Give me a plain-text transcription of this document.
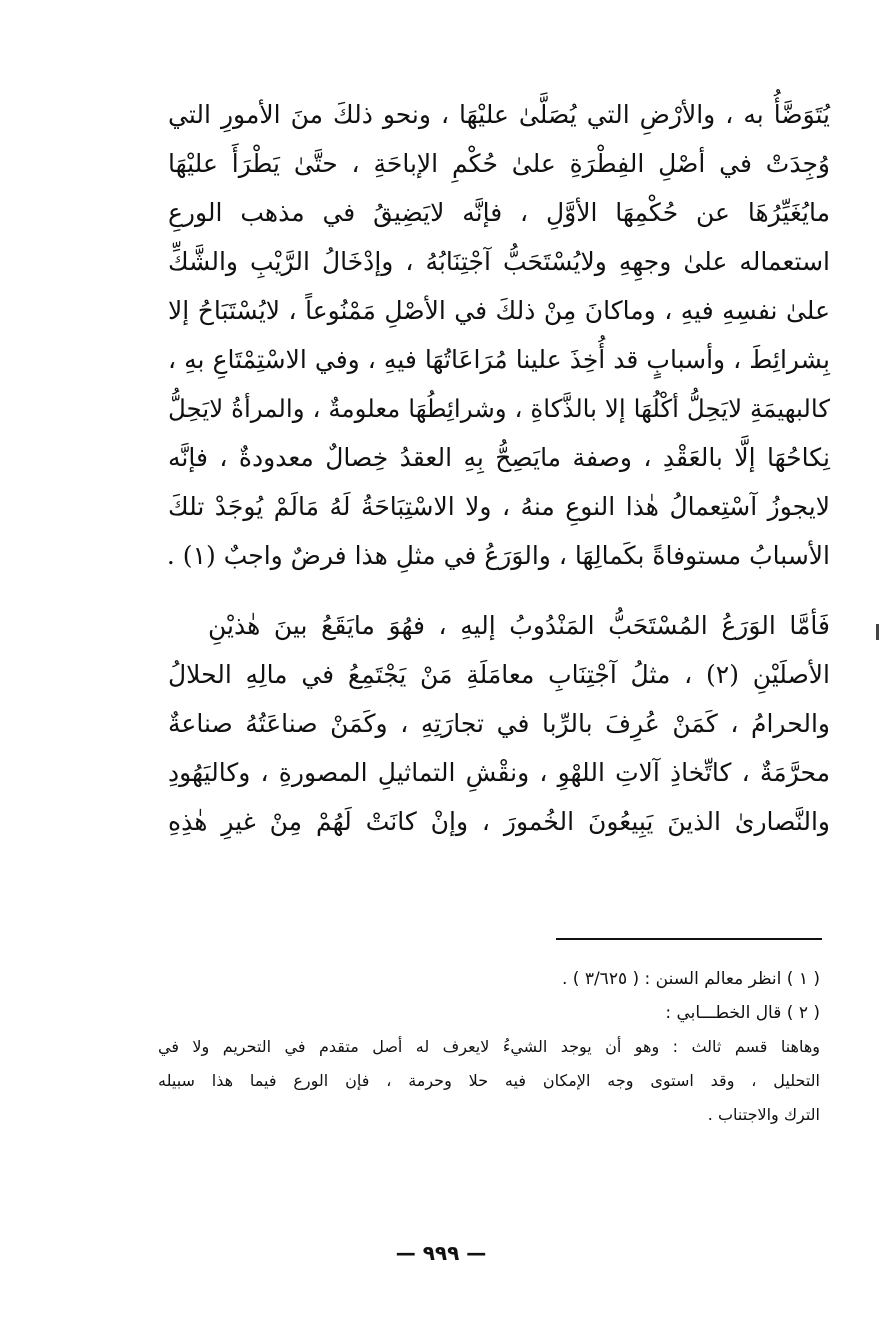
يُتَوَضَّأُ به ، والأرْضِ التي يُصَلَّىٰ عليْهَا ، ونحو ذلكَ منَ الأمورِ التي
وُجِدَتْ في أصْلِ الفِطْرَةِ علىٰ حُكْمِ الإباحَةِ ، حتَّىٰ يَطْرَأَ عليْهَا
مايُغَيِّرُهَا عن حُكْمِهَا الأوَّلِ ، فإنَّه لايَضِيقُ في مذهب الورعِ
استعماله علىٰ وجهِهِ ولايُسْتَحَبُّ آجْتِنَابُهُ ، وإدْخَالُ الرَّيْبِ والشَّكِّ
علىٰ نفسِهِ فيهِ ، وماكانَ مِنْ ذلكَ في الأصْلِ مَمْنُوعاً ، لايُسْتَبَاحُ إلا
بِشرائِطَ ، وأسبابٍ قد أُخِذَ علينا مُرَاعَاتُهَا فيهِ ، وفي الاسْتِمْتَاعِ بهِ ،
كالبهيمَةِ لايَحِلُّ أكْلُهَا إلا بالذَّكاةِ ، وشرائِطُهَا معلومةٌ ، والمرأةُ لايَحِلُّ
نِكاحُهَا إلَّا بالعَقْدِ ، وصفة مايَصِحُّ بِهِ العقدُ خِصالٌ معدودةٌ ، فإنَّه
لايجوزُ آسْتِعمالُ هٰذا النوعِ منهُ ، ولا الاسْتِبَاحَةُ لَهُ مَالَمْ يُوجَدْ تلكَ
الأسبابُ مستوفاةً بكَمالِهَا ، والوَرَعُ في مثلِ هذا فرضٌ واجبٌ (١) .
فَأمَّا الوَرَعُ المُسْتَحَبُّ المَنْدُوبُ إليهِ ، فهُوَ مايَقَعُ بينَ هٰذيْنِ
الأصلَيْنِ (٢) ، مثلُ آجْتِنَابِ معامَلَةِ مَنْ يَجْتَمِعُ في مالِهِ الحلالُ
والحرامُ ، كَمَنْ عُرِفَ بالرِّبا في تجارَتِهِ ، وكَمَنْ صناعَتُهُ صناعةٌ
محرَّمَةٌ ، كاتِّخاذِ آلاتِ اللهْوِ ، ونقْشِ التماثيلِ المصورةِ ، وكاليَهُودِ
والنَّصارىٰ الذينَ يَبِيعُونَ الخُمورَ ، وإنْ كانَتْ لَهُمْ مِنْ غيرِ هٰذِهِ
( ١ ) انظر معالم السنن : ( ٣/٦٢٥ ) .
( ٢ ) قال الخطـــابي :
وهاهنا قسم ثالث : وهو أن يوجد الشيءُ لايعرف له أصل متقدم في التحريم ولا في
التحليل ، وقد استوى وجه الإمكان فيه حلا وحرمة ، فإن الورع فيما هذا سبيله
الترك والاجتناب .
— ٩٩٩ —
